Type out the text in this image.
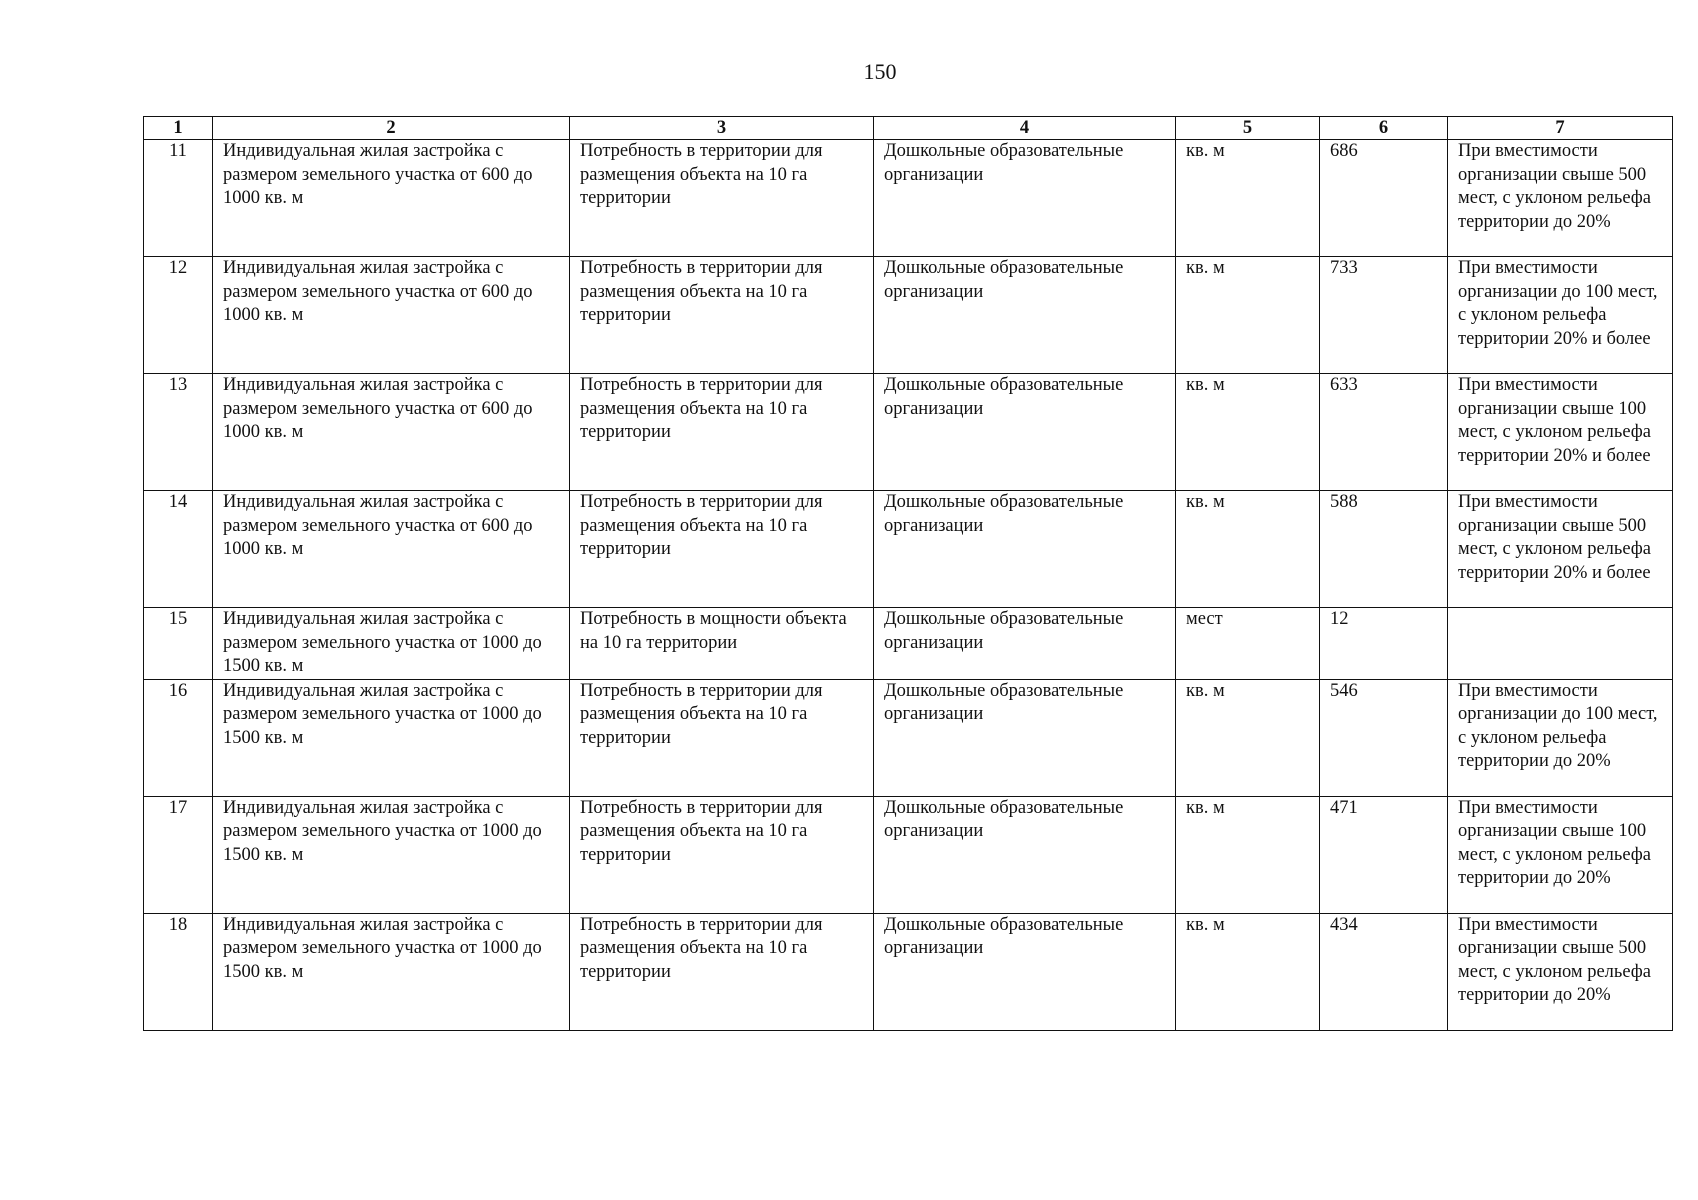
150
1	2	3	4	5	6	7
11	Индивидуальная жилая застройка с размером земельного участка от 600 до 1000 кв. м	Потребность в территории для размещения объекта на 10 га территории	Дошкольные образовательные организации	кв. м	686	При вместимости организации свыше 500 мест, с уклоном рельефа территории до 20%
12	Индивидуальная жилая застройка с размером земельного участка от 600 до 1000 кв. м	Потребность в территории для размещения объекта на 10 га территории	Дошкольные образовательные организации	кв. м	733	При вместимости организации до 100 мест, с уклоном рельефа территории 20% и более
13	Индивидуальная жилая застройка с размером земельного участка от 600 до 1000 кв. м	Потребность в территории для размещения объекта на 10 га территории	Дошкольные образовательные организации	кв. м	633	При вместимости организации свыше 100 мест, с уклоном рельефа территории 20% и более
14	Индивидуальная жилая застройка с размером земельного участка от 600 до 1000 кв. м	Потребность в территории для размещения объекта на 10 га территории	Дошкольные образовательные организации	кв. м	588	При вместимости организации свыше 500 мест, с уклоном рельефа территории 20% и более
15	Индивидуальная жилая застройка с размером земельного участка от 1000 до 1500 кв. м	Потребность в мощности объекта на 10 га территории	Дошкольные образовательные организации	мест	12	
16	Индивидуальная жилая застройка с размером земельного участка от 1000 до 1500 кв. м	Потребность в территории для размещения объекта на 10 га территории	Дошкольные образовательные организации	кв. м	546	При вместимости организации до 100 мест, с уклоном рельефа территории до 20%
17	Индивидуальная жилая застройка с размером земельного участка от 1000 до 1500 кв. м	Потребность в территории для размещения объекта на 10 га территории	Дошкольные образовательные организации	кв. м	471	При вместимости организации свыше 100 мест, с уклоном рельефа территории до 20%
18	Индивидуальная жилая застройка с размером земельного участка от 1000 до 1500 кв. м	Потребность в территории для размещения объекта на 10 га территории	Дошкольные образовательные организации	кв. м	434	При вместимости организации свыше 500 мест, с уклоном рельефа территории до 20%
